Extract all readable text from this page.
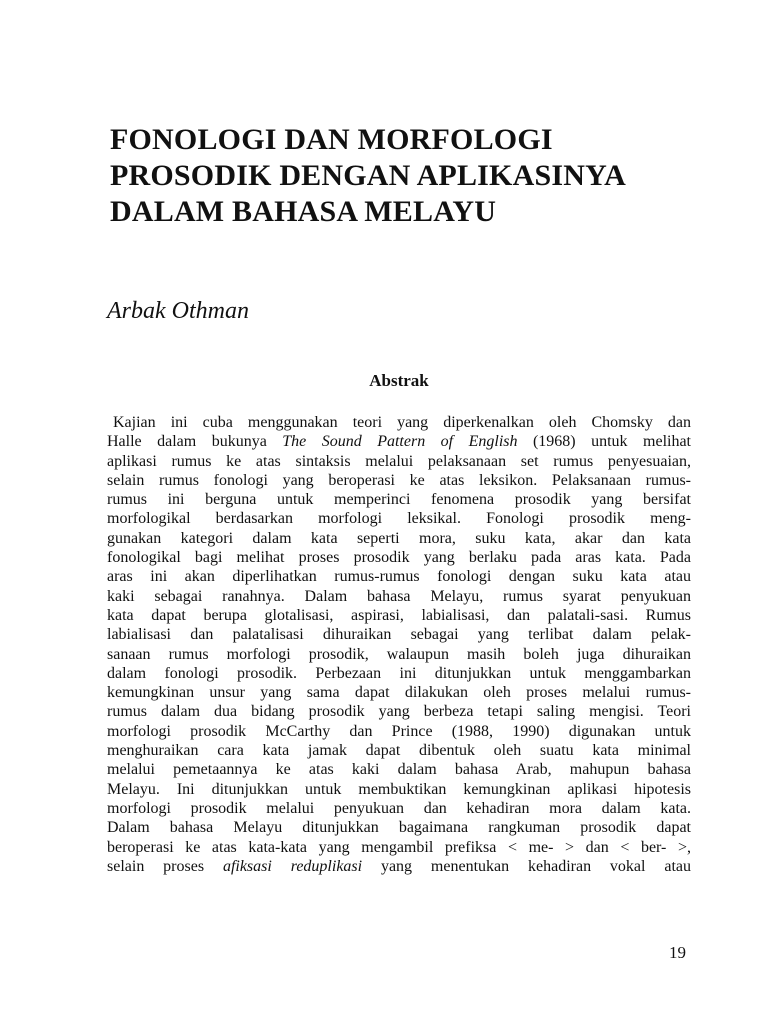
FONOLOGI DAN MORFOLOGI
PROSODIK DENGAN APLIKASINYA
DALAM BAHASA MELAYU

Arbak Othman

Abstrak

Kajian ini cuba menggunakan teori yang diperkenalkan oleh Chomsky dan
Halle dalam bukunya The Sound Pattern of English (1968) untuk melihat
aplikasi rumus ke atas sintaksis melalui pelaksanaan set rumus penyesuaian,
selain rumus fonologi yang beroperasi ke atas leksikon. Pelaksanaan rumus-
rumus ini berguna untuk memperinci fenomena prosodik yang bersifat
morfologikal berdasarkan morfologi leksikal. Fonologi prosodik meng-
gunakan kategori dalam kata seperti mora, suku kata, akar dan kata
fonologikal bagi melihat proses prosodik yang berlaku pada aras kata. Pada
aras ini akan diperlihatkan rumus-rumus fonologi dengan suku kata atau
kaki sebagai ranahnya. Dalam bahasa Melayu, rumus syarat penyukuan
kata dapat berupa glotalisasi, aspirasi, labialisasi, dan palatali-sasi. Rumus
labialisasi dan palatalisasi dihuraikan sebagai yang terlibat dalam pelak-
sanaan rumus morfologi prosodik, walaupun masih boleh juga dihuraikan
dalam fonologi prosodik. Perbezaan ini ditunjukkan untuk menggambarkan
kemungkinan unsur yang sama dapat dilakukan oleh proses melalui rumus-
rumus dalam dua bidang prosodik yang berbeza tetapi saling mengisi. Teori
morfologi prosodik McCarthy dan Prince (1988, 1990) digunakan untuk
menghuraikan cara kata jamak dapat dibentuk oleh suatu kata minimal
melalui pemetaannya ke atas kaki dalam bahasa Arab, mahupun bahasa
Melayu. Ini ditunjukkan untuk membuktikan kemungkinan aplikasi hipotesis
morfologi prosodik melalui penyukuan dan kehadiran mora dalam kata.
Dalam bahasa Melayu ditunjukkan bagaimana rangkuman prosodik dapat
beroperasi ke atas kata-kata yang mengambil prefiksa < me- > dan < ber- >,
selain proses afiksasi reduplikasi yang menentukan kehadiran vokal atau

19
